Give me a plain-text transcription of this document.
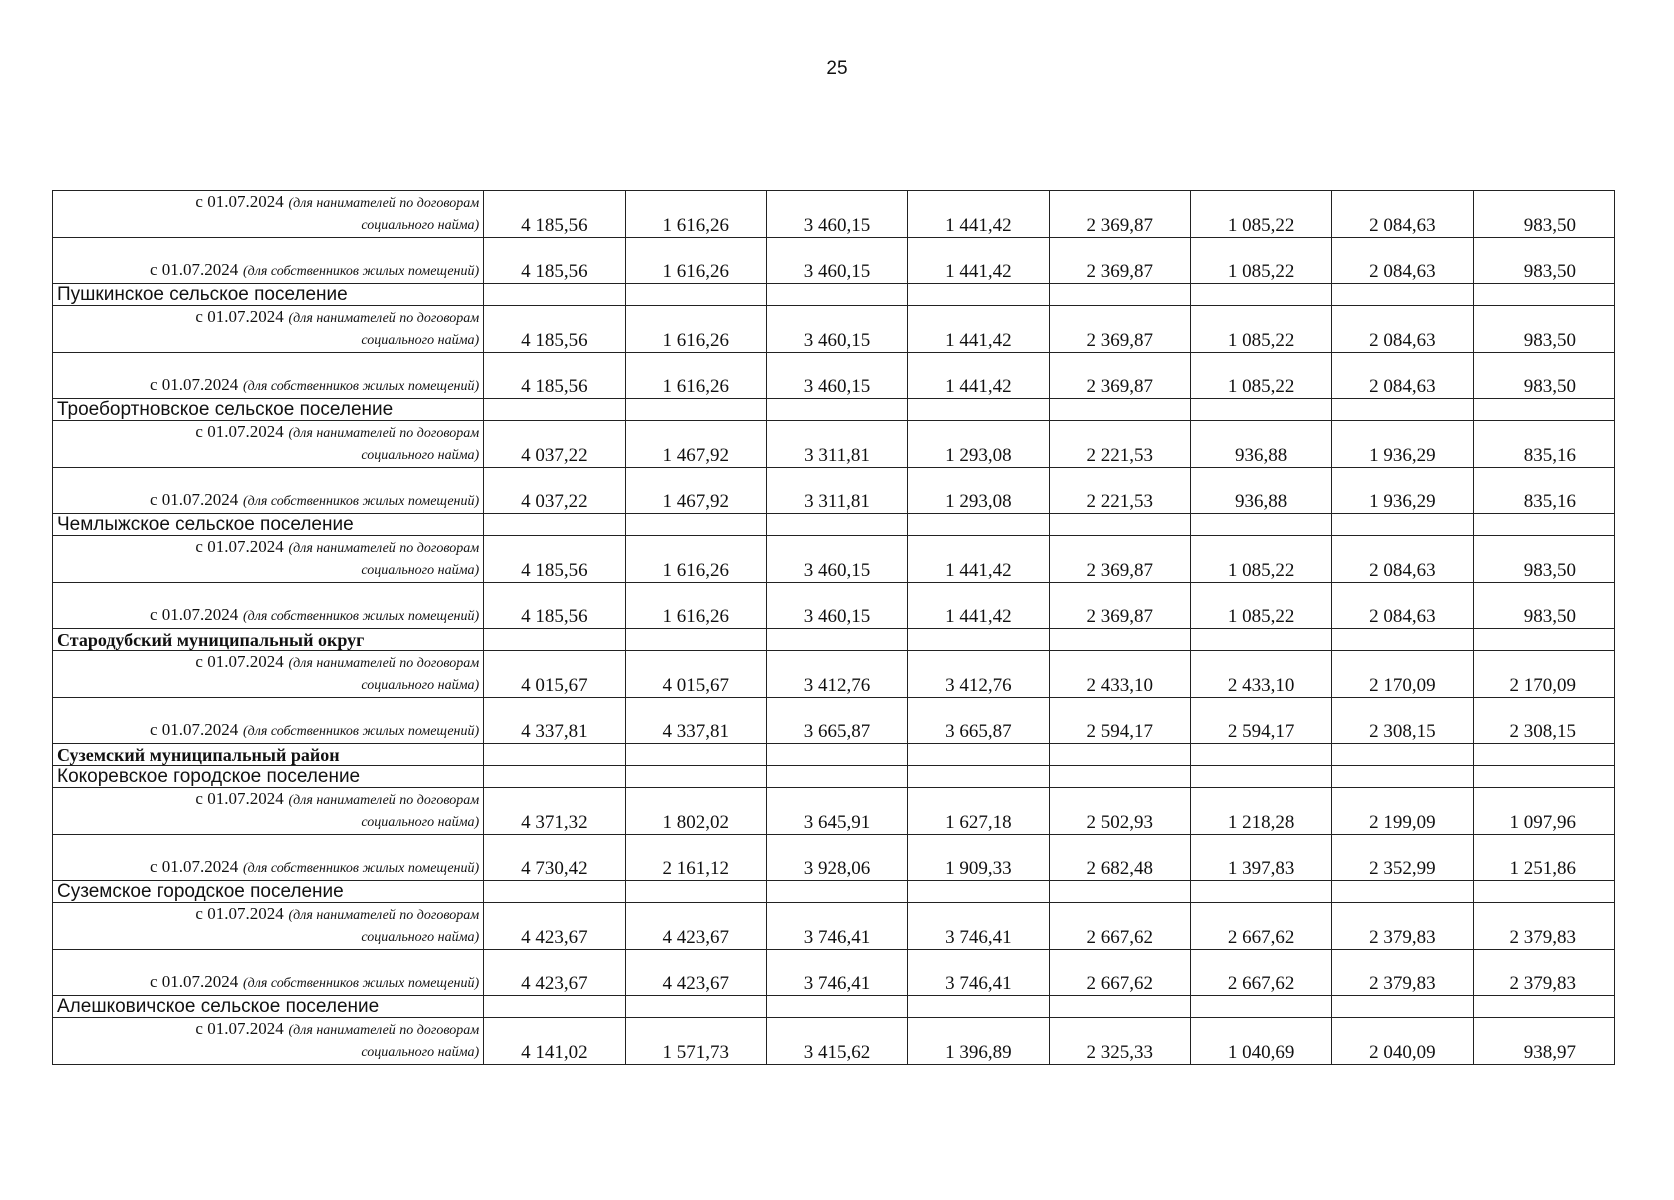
25
с 01.07.2024 (для нанимателей по договорам
социального найма)	4 185,56	1 616,26	3 460,15	1 441,42	2 369,87	1 085,22	2 084,63	983,50
с 01.07.2024 (для собственников жилых помещений)	4 185,56	1 616,26	3 460,15	1 441,42	2 369,87	1 085,22	2 084,63	983,50
Пушкинское сельское поселение								
с 01.07.2024 (для нанимателей по договорам
социального найма)	4 185,56	1 616,26	3 460,15	1 441,42	2 369,87	1 085,22	2 084,63	983,50
с 01.07.2024 (для собственников жилых помещений)	4 185,56	1 616,26	3 460,15	1 441,42	2 369,87	1 085,22	2 084,63	983,50
Троебортновское сельское поселение								
с 01.07.2024 (для нанимателей по договорам
социального найма)	4 037,22	1 467,92	3 311,81	1 293,08	2 221,53	936,88	1 936,29	835,16
с 01.07.2024 (для собственников жилых помещений)	4 037,22	1 467,92	3 311,81	1 293,08	2 221,53	936,88	1 936,29	835,16
Чемлыжское сельское поселение								
с 01.07.2024 (для нанимателей по договорам
социального найма)	4 185,56	1 616,26	3 460,15	1 441,42	2 369,87	1 085,22	2 084,63	983,50
с 01.07.2024 (для собственников жилых помещений)	4 185,56	1 616,26	3 460,15	1 441,42	2 369,87	1 085,22	2 084,63	983,50
Стародубский муниципальный округ								
с 01.07.2024 (для нанимателей по договорам
социального найма)	4 015,67	4 015,67	3 412,76	3 412,76	2 433,10	2 433,10	2 170,09	2 170,09
с 01.07.2024 (для собственников жилых помещений)	4 337,81	4 337,81	3 665,87	3 665,87	2 594,17	2 594,17	2 308,15	2 308,15
Суземский муниципальный район								
Кокоревское городское поселение								
с 01.07.2024 (для нанимателей по договорам
социального найма)	4 371,32	1 802,02	3 645,91	1 627,18	2 502,93	1 218,28	2 199,09	1 097,96
с 01.07.2024 (для собственников жилых помещений)	4 730,42	2 161,12	3 928,06	1 909,33	2 682,48	1 397,83	2 352,99	1 251,86
Суземское городское поселение								
с 01.07.2024 (для нанимателей по договорам
социального найма)	4 423,67	4 423,67	3 746,41	3 746,41	2 667,62	2 667,62	2 379,83	2 379,83
с 01.07.2024 (для собственников жилых помещений)	4 423,67	4 423,67	3 746,41	3 746,41	2 667,62	2 667,62	2 379,83	2 379,83
Алешковичское сельское поселение								
с 01.07.2024 (для нанимателей по договорам
социального найма)	4 141,02	1 571,73	3 415,62	1 396,89	2 325,33	1 040,69	2 040,09	938,97
